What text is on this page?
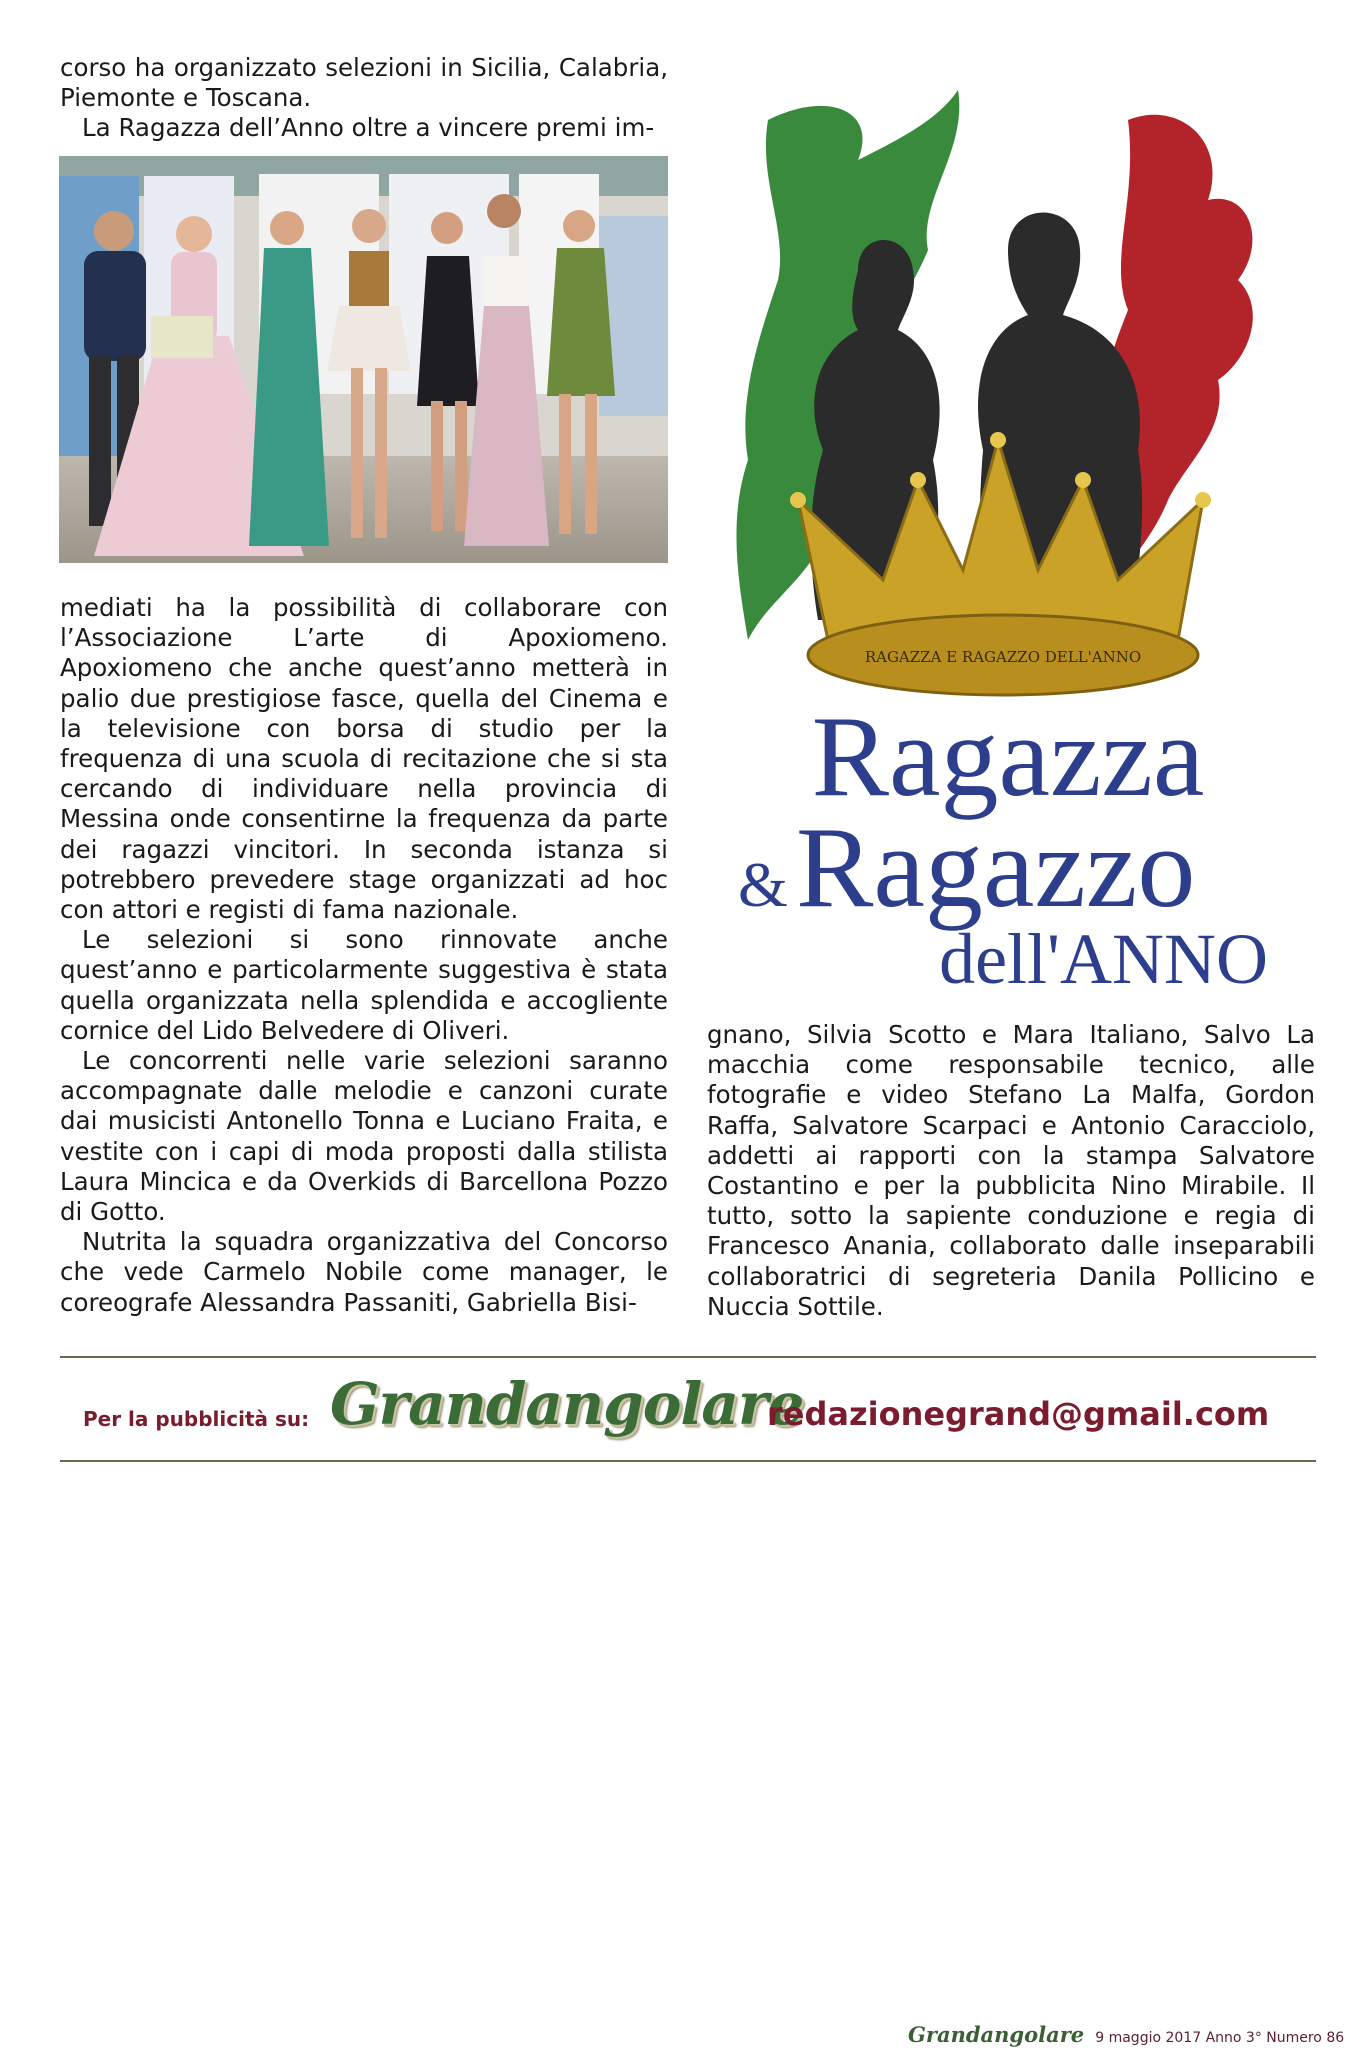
corso ha organizzato selezioni in Sicilia, Calabria, Piemonte e Toscana.

La Ragazza dell’Anno oltre a vincere premi im-

mediati ha la possibilità di collaborare con l’Associazione L’arte di Apoxiomeno. Apoxiomeno che anche quest’anno metterà in palio due prestigiose fasce, quella del Cinema e la televisione con borsa di studio per la frequenza di una scuola di recitazione che si sta cercando di individuare nella provincia di Messina onde consentirne la frequenza da parte dei ragazzi vincitori. In seconda istanza si potrebbero prevedere stage organizzati ad hoc con attori e registi di fama nazionale.

Le selezioni si sono rinnovate anche quest’anno e particolarmente suggestiva è stata quella organizzata nella splendida e accogliente cornice del Lido Belvedere di Oliveri.

Le concorrenti nelle varie selezioni saranno accompagnate dalle melodie e canzoni curate dai musicisti Antonello Tonna e Luciano Fraita, e vestite con i capi di moda proposti dalla stilista Laura Mincica e da Overkids di Barcellona Pozzo di Gotto.

Nutrita la squadra organizzativa del Concorso che vede Carmelo Nobile come manager, le coreografe Alessandra Passaniti, Gabriella Bisi-

RAGAZZA E RAGAZZO DELL'ANNO
Ragazza
& Ragazzo
dell'ANNO

gnano, Silvia Scotto e Mara Italiano, Salvo La macchia come responsabile tecnico, alle fotografie e video Stefano La Malfa, Gordon Raffa, Salvatore Scarpaci e Antonio Caracciolo, addetti ai rapporti con la stampa Salvatore Costantino e per la pubblicita Nino Mirabile. Il tutto, sotto la sapiente conduzione e regia di Francesco Anania, collaborato dalle inseparabili collaboratrici di segreteria Danila Pollicino e Nuccia Sottile.

Per la pubblicità su: Grandangolare
redazionegrand@gmail.com
Grandangolare 9 maggio 2017 Anno 3° Numero 86
